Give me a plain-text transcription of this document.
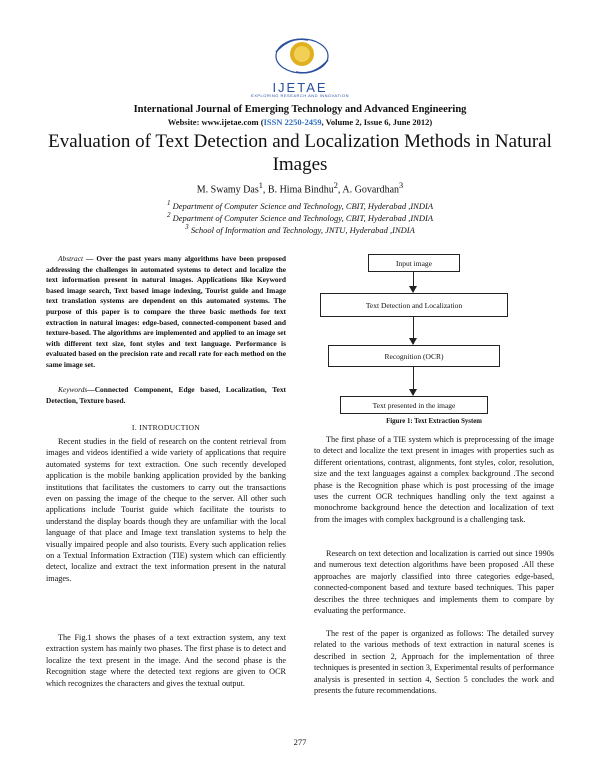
IJETAE
EXPLORING RESEARCH AND INNOVATION
International Journal of Emerging Technology and Advanced Engineering
Website: www.ijetae.com (ISSN 2250-2459, Volume 2, Issue 6, June 2012)
Evaluation of Text Detection and Localization Methods in Natural Images
M. Swamy Das$^1$, B. Hima Bindhu$^2$, A. Govardhan$^3$
$^1$ Department of Computer Science and Technology, CBIT, Hyderabad ,INDIA
$^2$ Department of Computer Science and Technology, CBIT, Hyderabad ,INDIA
$^3$ School of Information and Technology, JNTU, Hyderabad ,INDIA

Abstract — Over the past years many algorithms have been proposed addressing the challenges in automated systems to detect and localize the text information present in natural images. Applications like Keyword based image search, Text based image indexing, Tourist guide and Image text translation systems are dependent on this automated systems. The purpose of this paper is to compare the three basic methods for text extraction in natural images: edge-based, connected-component based and texture-based. The algorithms are implemented and applied to an image set with different text size, font styles and text language. Performance is evaluated based on the precision rate and recall rate for each method on the same image set.

Keywords—Connected Component, Edge based, Localization, Text Detection, Texture based.

I. INTRODUCTION

Recent studies in the field of research on the content retrieval from images and videos identified a wide variety of applications that require automated systems for text extraction. One such recently developed application is the mobile banking application provided by the banking institutions that facilitates the customers to carry out the transactions even on passing the image of the cheque to the server. All other such applications include Tourist guide which facilitate the tourists to understand the display boards though they are unfamiliar with the local language of that place and Image text translation systems to help the visually impaired people and also tourists. Every such application relies on a Textual Information Extraction (TIE) system which can efficiently detect, localize and extract the text information present in the natural images.

The Fig.1 shows the phases of a text extraction system, any text extraction system has mainly two phases. The first phase is to detect and localize the text present in the image. And the second phase is the Recognition stage where the detected text regions are given to OCR which recognizes the characters and gives the textual output.

Input image
Text Detection and Localization
Recognition (OCR)
Text presented in the image
Figure 1: Text Extraction System

The first phase of a TIE system which is preprocessing of the image to detect and localize the text present in images with properties such as different orientations, contrast, alignments, font styles, color, resolution, size and the text languages against a complex background .The second phase is the Recognition phase which is post processing of the image uses the current OCR techniques handling only the text against a monochrome background hence the detection and localization of text from the images with complex background is a challenging task.

Research on text detection and localization is carried out since 1990s and numerous text detection algorithms have been proposed .All these approaches are majorly classified into three categories edge-based, connected-component based and texture based techniques. This paper describes the three techniques and implements them to compare by evaluating the performance.

The rest of the paper is organized as follows: The detailed survey related to the various methods of text extraction in natural scenes is described in section 2, Approach for the implementation of three techniques is presented in section 3, Experimental results of performance analysis is presented in section 4, Section 5 concludes the work and presents the future recommendations.

277
